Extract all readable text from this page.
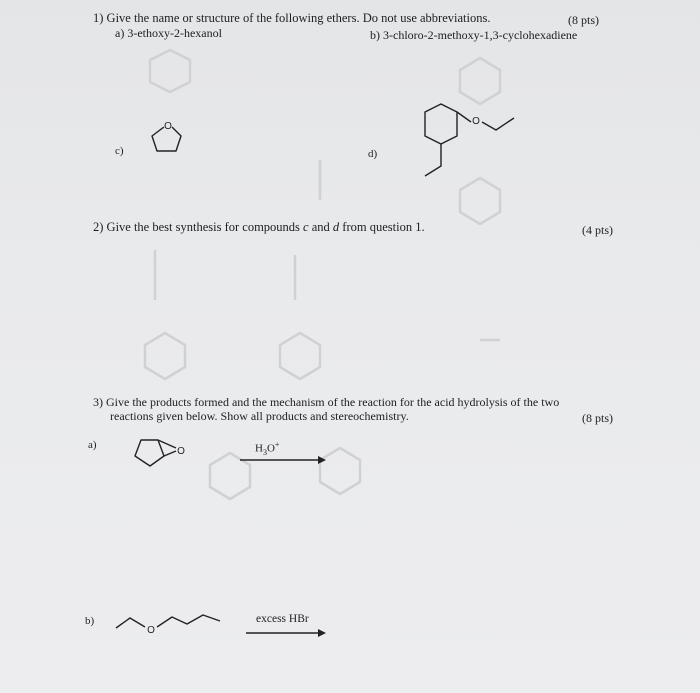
1) Give the name or structure of the following ethers. Do not use abbreviations.	(8 pts)
a) 3-ethoxy-2-hexanol	b) 3-chloro-2-methoxy-1,3-cyclohexadiene
c)	d)
O	O
2) Give the best synthesis for compounds c and d from question 1.	(4 pts)
3) Give the products formed and the mechanism of the reaction for the acid hydrolysis of the two
reactions given below. Show all products and stereochemistry.	(8 pts)
a)
b)
$H_3O^+$
excess HBr
O
O
